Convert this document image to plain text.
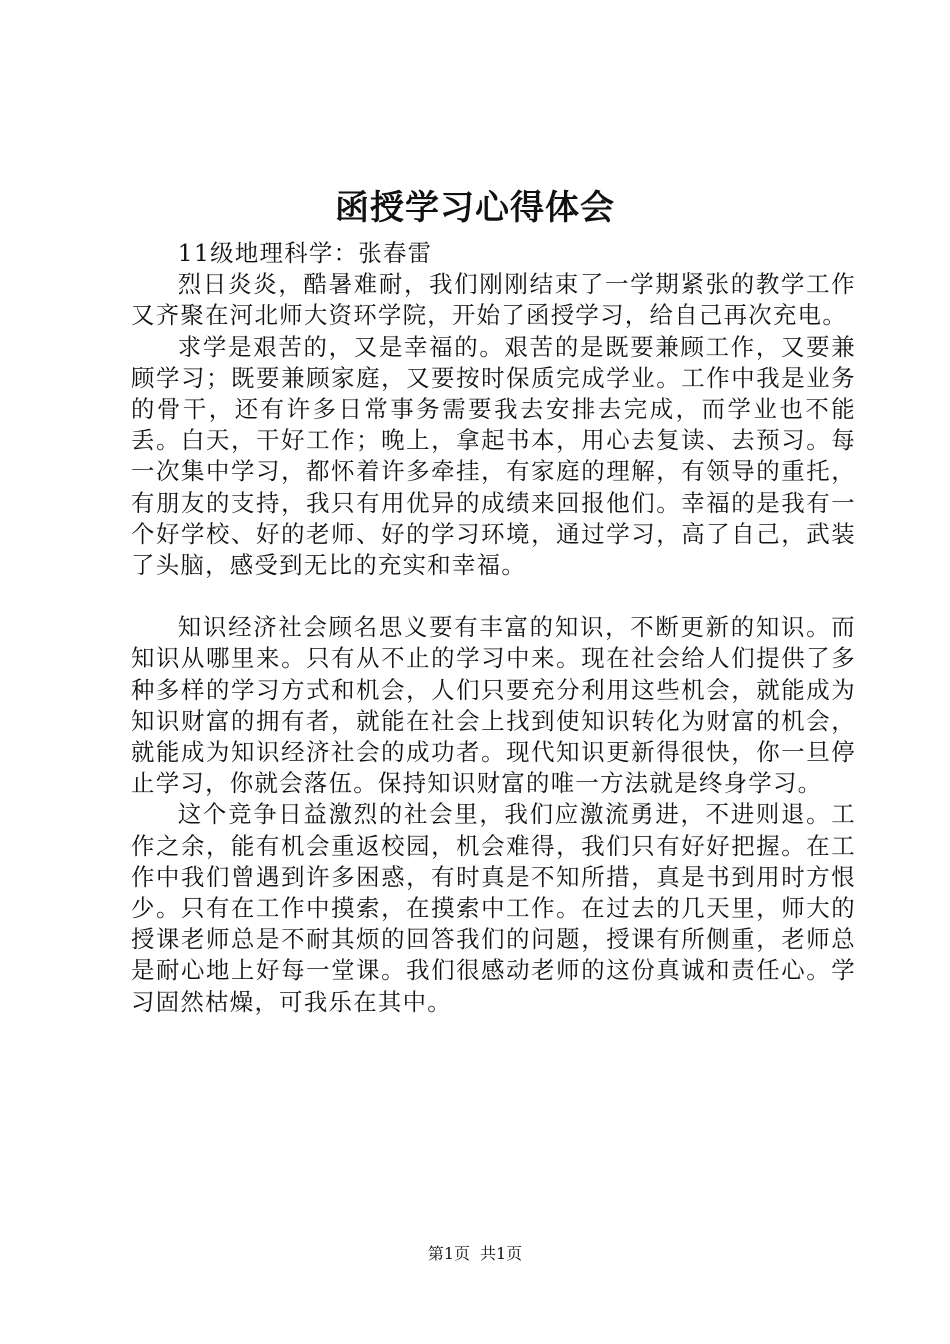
函授学习心得体会

11级地理科学：张春雷

烈日炎炎，酷暑难耐，我们刚刚结束了一学期紧张的教学工作又齐聚在河北师大资环学院，开始了函授学习，给自己再次充电。

求学是艰苦的，又是幸福的。艰苦的是既要兼顾工作，又要兼顾学习；既要兼顾家庭，又要按时保质完成学业。工作中我是业务的骨干，还有许多日常事务需要我去安排去完成，而学业也不能丢。白天，干好工作；晚上，拿起书本，用心去复读、去预习。每一次集中学习，都怀着许多牵挂，有家庭的理解，有领导的重托，有朋友的支持，我只有用优异的成绩来回报他们。幸福的是我有一个好学校、好的老师、好的学习环境，通过学习，高了自己，武装了头脑，感受到无比的充实和幸福。

知识经济社会顾名思义要有丰富的知识，不断更新的知识。而知识从哪里来。只有从不止的学习中来。现在社会给人们提供了多种多样的学习方式和机会，人们只要充分利用这些机会，就能成为知识财富的拥有者，就能在社会上找到使知识转化为财富的机会，就能成为知识经济社会的成功者。现代知识更新得很快，你一旦停止学习，你就会落伍。保持知识财富的唯一方法就是终身学习。

这个竞争日益激烈的社会里，我们应激流勇进，不进则退。工作之余，能有机会重返校园，机会难得，我们只有好好把握。在工作中我们曾遇到许多困惑，有时真是不知所措，真是书到用时方恨少。只有在工作中摸索，在摸索中工作。在过去的几天里，师大的授课老师总是不耐其烦的回答我们的问题，授课有所侧重，老师总是耐心地上好每一堂课。我们很感动老师的这份真诚和责任心。学习固然枯燥，可我乐在其中。

第1页 共1页
